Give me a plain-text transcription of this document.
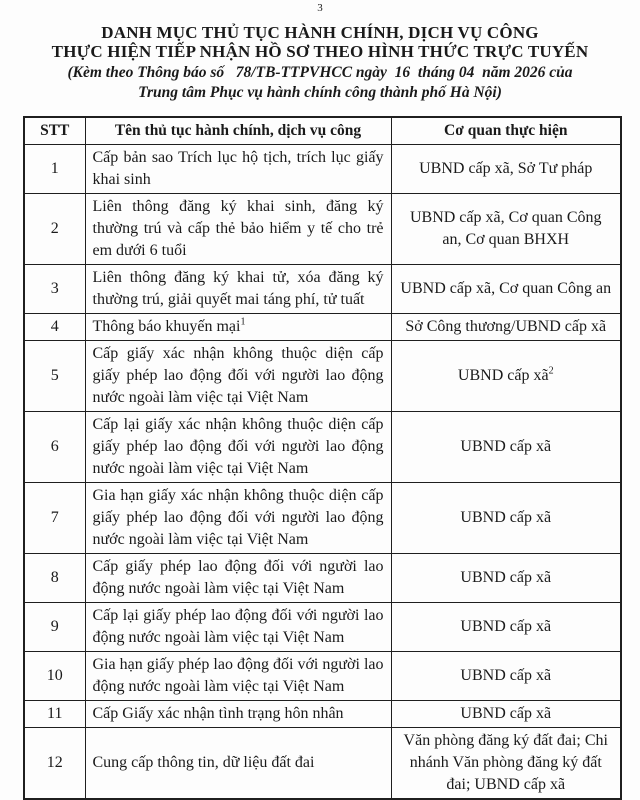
3
DANH MỤC THỦ TỤC HÀNH CHÍNH, DỊCH VỤ CÔNG
THỰC HIỆN TIẾP NHẬN HỒ SƠ THEO HÌNH THỨC TRỰC TUYẾN
(Kèm theo Thông báo số   78/TB-TTPVHCC ngày  16  tháng 04  năm 2026 của
Trung tâm Phục vụ hành chính công thành phố Hà Nội)
STT	Tên thủ tục hành chính, dịch vụ công	Cơ quan thực hiện
1	Cấp bản sao Trích lục hộ tịch, trích lục giấy khai sinh	UBND cấp xã, Sở Tư pháp
2	Liên thông đăng ký khai sinh, đăng ký thường trú và cấp thẻ bảo hiểm y tế cho trẻ em dưới 6 tuổi	UBND cấp xã, Cơ quan Công an, Cơ quan BHXH
3	Liên thông đăng ký khai tử, xóa đăng ký thường trú, giải quyết mai táng phí, tử tuất	UBND cấp xã, Cơ quan Công an
4	Thông báo khuyến mại$^1$	Sở Công thương/UBND cấp xã
5	Cấp giấy xác nhận không thuộc diện cấp giấy phép lao động đối với người lao động nước ngoài làm việc tại Việt Nam	UBND cấp $xã^2$
6	Cấp lại giấy xác nhận không thuộc diện cấp giấy phép lao động đối với người lao động nước ngoài làm việc tại Việt Nam	UBND cấp xã
7	Gia hạn giấy xác nhận không thuộc diện cấp giấy phép lao động đối với người lao động nước ngoài làm việc tại Việt Nam	UBND cấp xã
8	Cấp giấy phép lao động đối với người lao động nước ngoài làm việc tại Việt Nam	UBND cấp xã
9	Cấp lại giấy phép lao động đối với người lao động nước ngoài làm việc tại Việt Nam	UBND cấp xã
10	Gia hạn giấy phép lao động đối với người lao động nước ngoài làm việc tại Việt Nam	UBND cấp xã
11	Cấp Giấy xác nhận tình trạng hôn nhân	UBND cấp xã
12	Cung cấp thông tin, dữ liệu đất đai	Văn phòng đăng ký đất đai; Chi nhánh Văn phòng đăng ký đất đai; UBND cấp xã
